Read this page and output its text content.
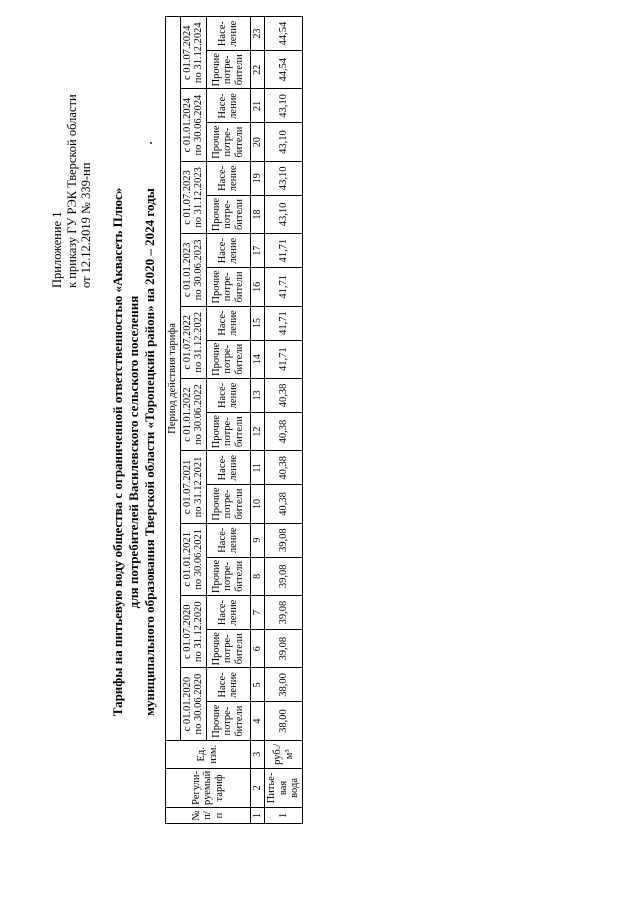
Приложение 1 к приказу ГУ РЭК Тверской области от 12.12.2019 № 339-нп Тарифы на питьевую воду общества с ограниченной ответственностью «Аквасеть Плюс» для потребителей Василевского сельского поселения муниципального образования Тверской области «Торопецкий район» на 2020 – 2024 годы
№ п/п	Регули-
руемый
тариф	Ед.
изм.	Период действия тарифа																			
			с 01.01.2020 по 30.06.2020		с 01.07.2020 по 31.12.2020		с 01.01.2021 по 30.06.2021		с 01.07.2021 по 31.12.2021		с 01.01.2022 по 30.06.2022		с 01.07.2022 по 31.12.2022		с 01.01.2023 по 30.06.2023		с 01.07.2023 по 31.12.2023		с 01.01.2024 по 30.06.2024		с 01.07.2024 по 31.12.2024	
			Прочие
потре-
бители	Насе-
ление	Прочие
потре-
бители	Насе-
ление	Прочие
потре-
бители	Насе-
ление	Прочие
потре-
бители	Насе-
ление	Прочие
потре-
бители	Насе-
ление	Прочие
потре-
бители	Насе-
ление	Прочие
потре-
бители	Насе-
ление	Прочие
потре-
бители	Насе-
ление	Прочие
потре-
бители	Насе-
ление	Прочие
потре-
бители	Насе-
ление
1	2	3	4	5	6	7	8	9	10	11	12	13	14	15	16	17	18	19	20	21	22	23
1	Питье-
вая
вода	руб./
м³	38,00	38,00	39,08	39,08	39,08	39,08	40,38	40,38	40,38	40,38	41,71	41,71	41,71	41,71	43,10	43,10	43,10	43,10	44,54	44,54
